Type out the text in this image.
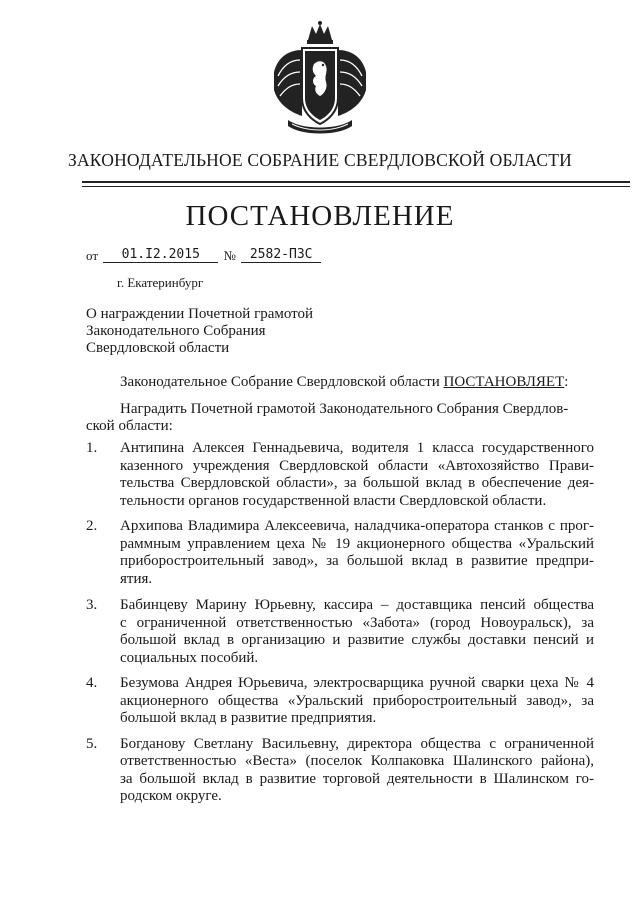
ЗАКОНОДАТЕЛЬНОЕ СОБРАНИЕ СВЕРДЛОВСКОЙ ОБЛАСТИ
ПОСТАНОВЛЕНИЕ
от 01.I2.2015 № 2582-ПЗС
г. Екатеринбург
О награждении Почетной грамотой
Законодательного Собрания
Свердловской области
Законодательное Собрание Свердловской области ПОСТАНОВЛЯЕТ:
Наградить Почетной грамотой Законодательного Собрания Свердлов-
ской области:
1. Антипина Алексея Геннадьевича, водителя 1 класса государственного
казенного учреждения Свердловской области «Автохозяйство Прави-
тельства Свердловской области», за большой вклад в обеспечение дея-
тельности органов государственной власти Свердловской области.
2. Архипова Владимира Алексеевича, наладчика-оператора станков с прог-
раммным управлением цеха № 19 акционерного общества «Уральский
приборостроительный завод», за большой вклад в развитие предпри-
ятия.
3. Бабинцеву Марину Юрьевну, кассира – доставщика пенсий общества
с ограниченной ответственностью «Забота» (город Новоуральск), за
большой вклад в организацию и развитие службы доставки пенсий и
социальных пособий.
4. Безумова Андрея Юрьевича, электросварщика ручной сварки цеха № 4
акционерного общества «Уральский приборостроительный завод», за
большой вклад в развитие предприятия.
5. Богданову Светлану Васильевну, директора общества с ограниченной
ответственностью «Веста» (поселок Колпаковка Шалинского района),
за большой вклад в развитие торговой деятельности в Шалинском го-
родском округе.
